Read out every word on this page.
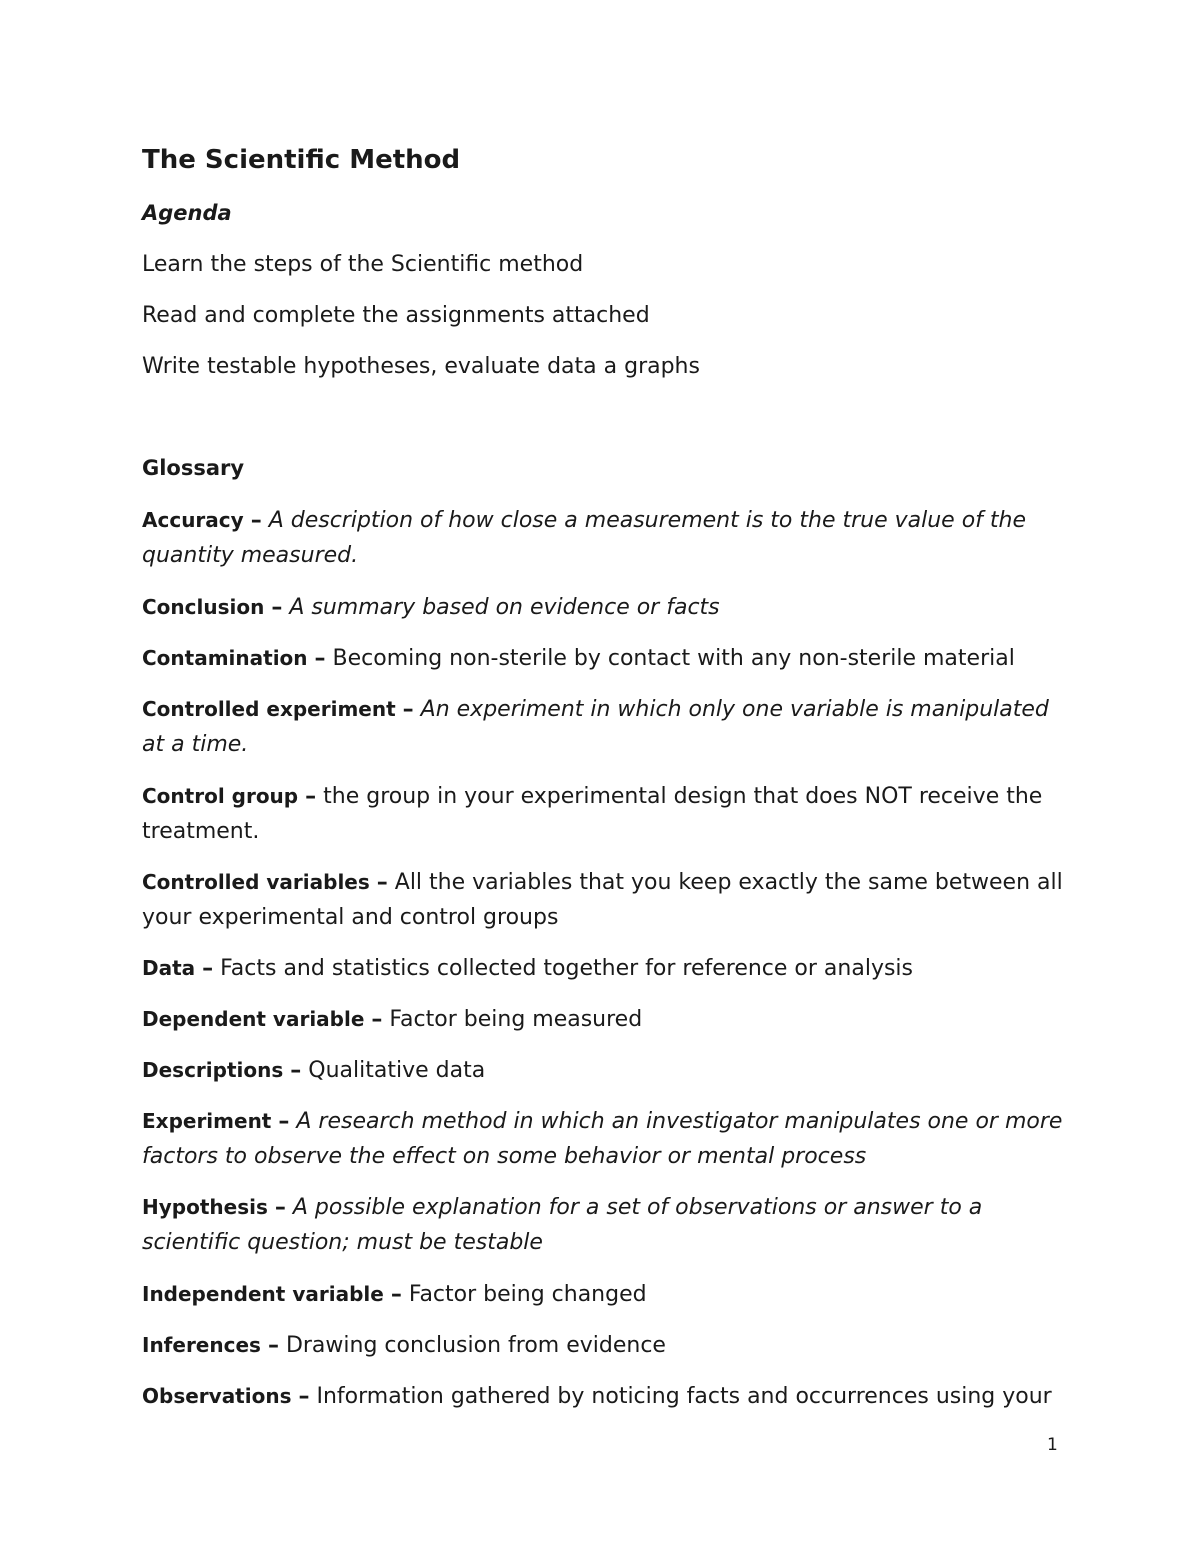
The Scientific Method
Agenda
Learn the steps of the Scientific method
Read and complete the assignments attached
Write testable hypotheses, evaluate data a graphs
Glossary
Accuracy – A description of how close a measurement is to the true value of the quantity measured.
Conclusion – A summary based on evidence or facts
Contamination – Becoming non-sterile by contact with any non-sterile material
Controlled experiment – An experiment in which only one variable is manipulated at a time.
Control group – the group in your experimental design that does NOT receive the treatment.
Controlled variables – All the variables that you keep exactly the same between all your experimental and control groups
Data – Facts and statistics collected together for reference or analysis
Dependent variable – Factor being measured
Descriptions – Qualitative data
Experiment – A research method in which an investigator manipulates one or more factors to observe the effect on some behavior or mental process
Hypothesis – A possible explanation for a set of observations or answer to a scientific question; must be testable
Independent variable – Factor being changed
Inferences – Drawing conclusion from evidence
Observations – Information gathered by noticing facts and occurrences using your
1
